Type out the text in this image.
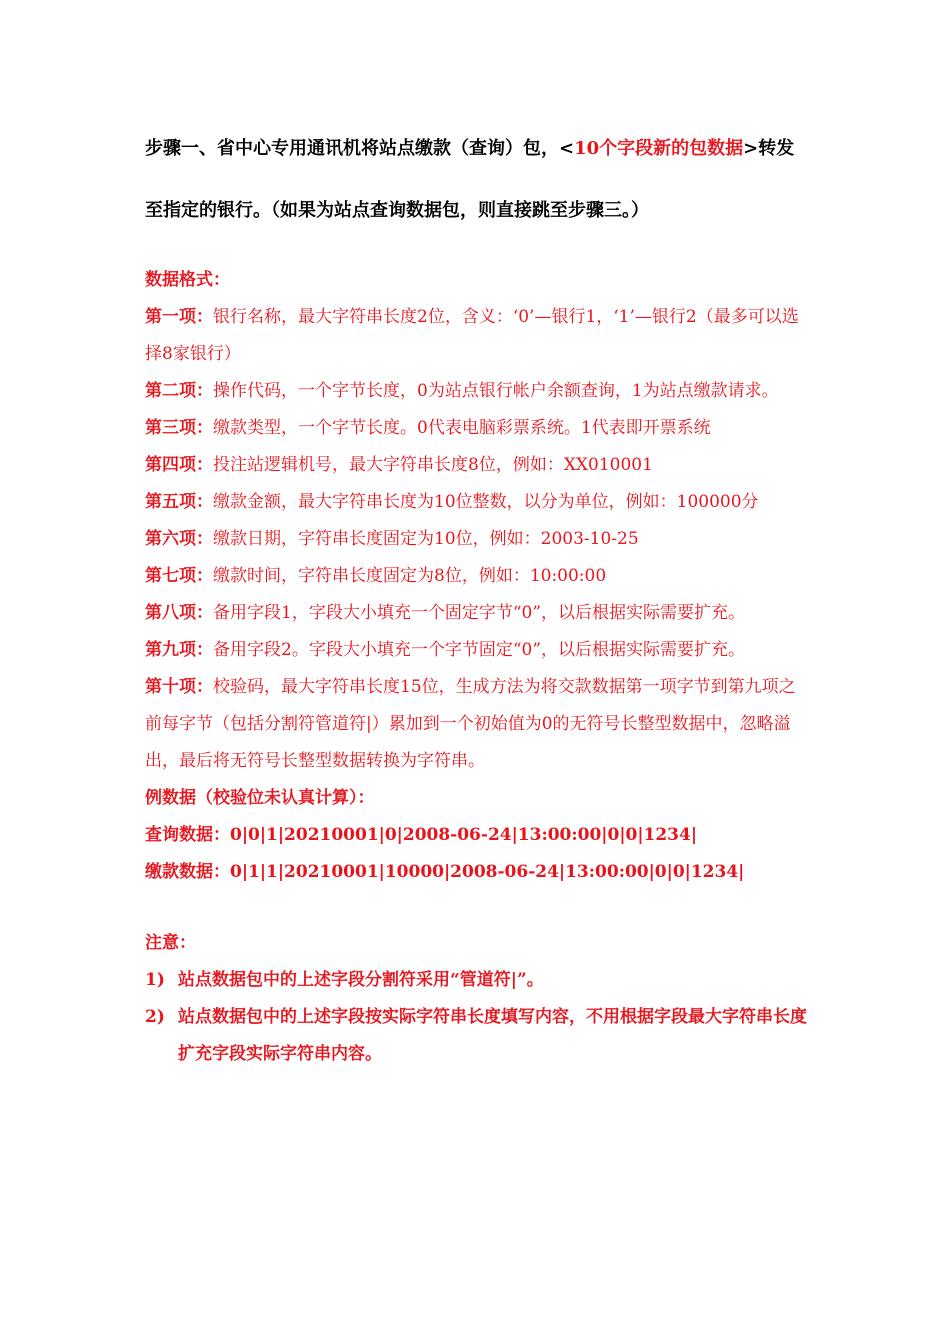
步骤一、省中心专用通讯机将站点缴款（查询）包，<10个字段新的包数据>转发至指定的银行。（如果为站点查询数据包，则直接跳至步骤三。）

数据格式：

第一项：银行名称，最大字符串长度2位，含义：‘0’—银行1，‘1’—银行2（最多可以选择8家银行）

第二项：操作代码，一个字节长度，0为站点银行帐户余额查询，1为站点缴款请求。

第三项：缴款类型，一个字节长度。0代表电脑彩票系统。1代表即开票系统

第四项：投注站逻辑机号，最大字符串长度8位，例如：XX010001

第五项：缴款金额，最大字符串长度为10位整数，以分为单位，例如：100000分

第六项：缴款日期，字符串长度固定为10位，例如：2003-10-25

第七项：缴款时间，字符串长度固定为8位，例如：10:00:00

第八项：备用字段1，字段大小填充一个固定字节“0”，以后根据实际需要扩充。

第九项：备用字段2。字段大小填充一个字节固定“0”，以后根据实际需要扩充。

第十项：校验码，最大字符串长度15位，生成方法为将交款数据第一项字节到第九项之前每字节（包括分割符管道符|）累加到一个初始值为0的无符号长整型数据中，忽略溢出，最后将无符号长整型数据转换为字符串。

例数据（校验位未认真计算）：

查询数据：0|0|1|20210001|0|2008-06-24|13:00:00|0|0|1234|

缴款数据：0|1|1|20210001|10000|2008-06-24|13:00:00|0|0|1234|

注意：

1) 站点数据包中的上述字段分割符采用“管道符|”。
2) 站点数据包中的上述字段按实际字符串长度填写内容，不用根据字段最大字符串长度扩充字段实际字符串内容。
